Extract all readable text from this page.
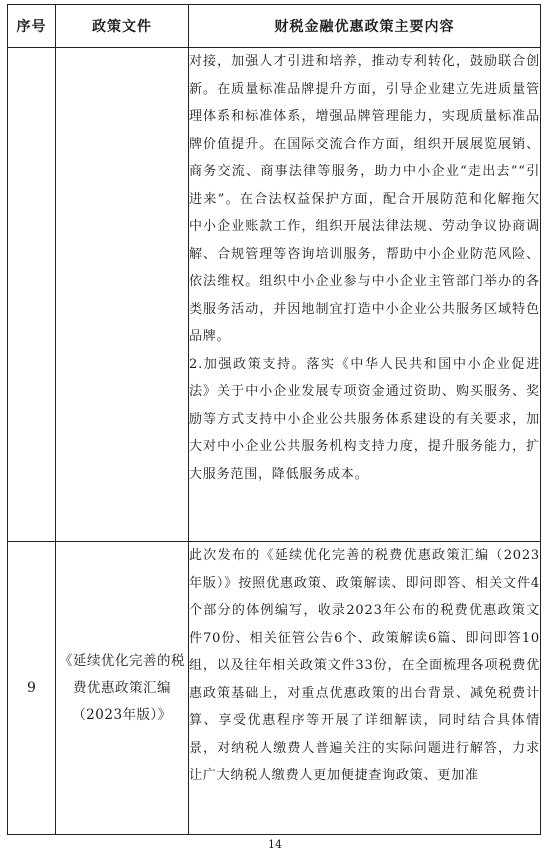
序号	政策文件	财税金融优惠政策主要内容

		对接，加强人才引进和培养，推动专利转化，鼓励联合创新。在质量标准品牌提升方面，引导企业建立先进质量管理体系和标准体系，增强品牌管理能力，实现质量标准品牌价值提升。在国际交流合作方面，组织开展展览展销、商务交流、商事法律等服务，助力中小企业“走出去”“引进来”。在合法权益保护方面，配合开展防范和化解拖欠中小企业账款工作，组织开展法律法规、劳动争议协商调解、合规管理等咨询培训服务，帮助中小企业防范风险、依法维权。组织中小企业参与中小企业主管部门举办的各类服务活动，并因地制宜打造中小企业公共服务区域特色品牌。

2.加强政策支持。落实《中华人民共和国中小企业促进法》关于中小企业发展专项资金通过资助、购买服务、奖励等方式支持中小企业公共服务体系建设的有关要求，加大对中小企业公共服务机构支持力度，提升服务能力，扩大服务范围，降低服务成本。

9	《延续优化完善的税费优惠政策汇编（2023年版）》	此次发布的《延续优化完善的税费优惠政策汇编（2023年版）》按照优惠政策、政策解读、即问即答、相关文件4个部分的体例编写，收录2023年公布的税费优惠政策文件70份、相关征管公告6个、政策解读6篇、即问即答10组，以及往年相关政策文件33份，在全面梳理各项税费优惠政策基础上，对重点优惠政策的出台背景、减免税费计算、享受优惠程序等开展了详细解读，同时结合具体情景，对纳税人缴费人普遍关注的实际问题进行解答，力求让广大纳税人缴费人更加便捷查询政策、更加准

14
